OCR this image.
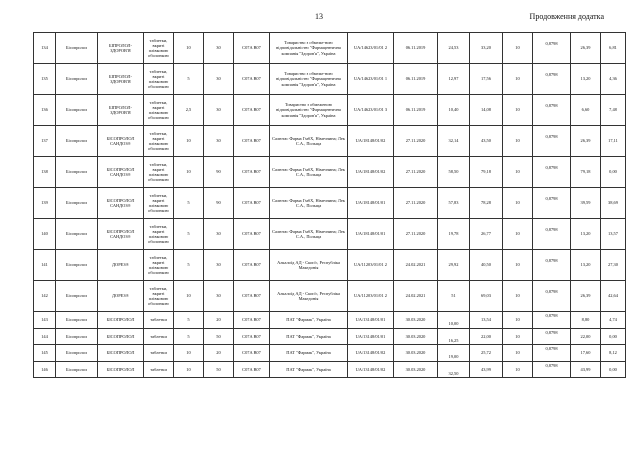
13	Продовження додатка
134	Бісопролол	БІПРОЛОЛ-ЗДОРОВ'Я	таблетки, вкриті плівковою оболонкою	10	30	C07A B07	Товариство з обмеже-ною відповідальністю "Фармацевтична компанія "Здоров'я", Україна	UA/14623/01/01 2	06.11.2019	24,53	33,20	10	0,8798	26,39	6,81
135	Бісопролол	БІПРОЛОЛ-ЗДОРОВ'Я	таблетки, вкриті плівковою оболонкою	5	30	C07A B07	Товариство з обмеже-ною відповідальністю "Фармацевтична компанія "Здоров'я", Україна	UA/14623/01/01 1	06.11.2019	12,97	17,56	10	0,8798	13,20	4,36
136	Бісопролол	БІПРОЛОЛ-ЗДОРОВ'Я	таблетки, вкриті плівковою оболонкою	2,5	30	C07A B07	Товариство з обмеженою відповідальністю "Фармацевтична компанія "Здоров'я", Україна	UA/14623/01/01 3	06.11.2019	10,40	14,08	10	0,8798	6,60	7,48
137	Бісопролол	БІСОПРОЛОЛ САНДОЗ®	таблетки, вкриті плівковою оболонкою	10	30	C07A B07	Салютас Фарма ГмбХ, Німеччина; Лек С.А., Польща	UA/18148/01/02	27.11.2020	32,14	43,50	10	0,8798	26,39	17,11
138	Бісопролол	БІСОПРОЛОЛ САНДОЗ®	таблетки, вкриті плівковою оболонкою	10	90	C07A B07	Салютас Фарма ГмбХ, Німеччина; Лек С.А., Польща	UA/18148/01/02	27.11.2020	58,50	79,18	10	0,8798	79,18	0,00
139	Бісопролол	БІСОПРОЛОЛ САНДОЗ®	таблетки, вкриті плівковою оболонкою	5	90	C07A B07	Салютас Фарма ГмбХ, Німеччина; Лек С.А., Польща	UA/18148/01/01	27.11.2020	57,83	78,28	10	0,8798	39,59	38,69
140	Бісопролол	БІСОПРОЛОЛ САНДОЗ®	таблетки, вкриті плівковою оболонкою	5	30	C07A B07	Салютас Фарма ГмбХ, Німеччина; Лек С.А., Польща	UA/18148/01/01	27.11.2020	19,78	26,77	10	0,8798	13,20	13,57
141	Бісопролол	ДОРЕЗ®	таблетки, вкриті плівковою оболонкою	5	30	C07A B07	Алкалоїд АД - Скоп'є, Республіка Македонія	UA/11203/01/01 2	24.02.2021	29,92	40,50	10	0,8798	13,20	27,30
142	Бісопролол	ДОРЕЗ®	таблетки, вкриті плівковою оболонкою	10	30	C07A B07	Алкалоїд АД - Скоп'є, Республіка Македонія	UA/11203/01/01 2	24.02.2021	51	69,03	10	0,8798	26,39	42,64
143	Бісопролол	БІСОПРОЛОЛ	таблетки	5	20	C07A B07	ПАТ "Фармак", Україна	UA/13148/01/01	30.03.2020	10,00	13,54	10	0,8798	8,80	4,74
144	Бісопролол	БІСОПРОЛОЛ	таблетки	5	50	C07A B07	ПАТ "Фармак", Україна	UA/13148/01/01	30.03.2020	16,25	22,00	10	0,8798	22,00	0,00
145	Бісопролол	БІСОПРОЛОЛ	таблетки	10	20	C07A B07	ПАТ "Фармак", Україна	UA/13148/01/02	30.03.2020	19,00	25,72	10	0,8798	17,60	8,12
146	Бісопролол	БІСОПРОЛОЛ	таблетки	10	50	C07A B07	ПАТ "Фармак", Україна	UA/13148/01/02	30.03.2020	32,50	43,99	10	0,8798	43,99	0,00
